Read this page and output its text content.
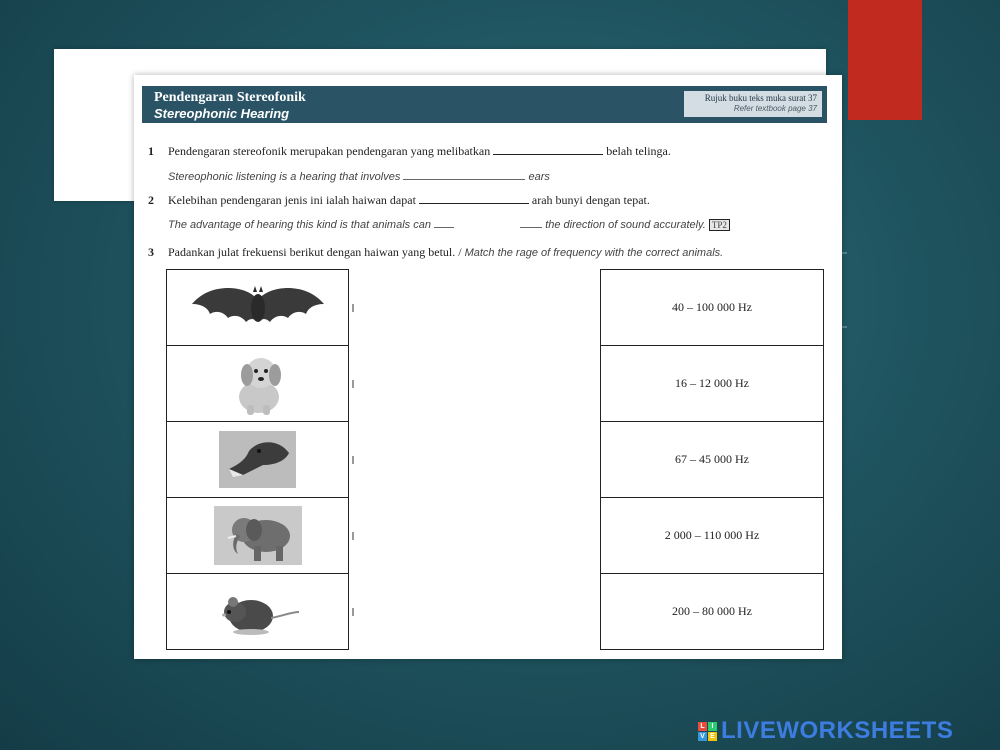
Pendengaran Stereofonik
Stereophonic Hearing
Rujuk buku teks muka surat 37
Refer textbook page 37
1 Pendengaran stereofonik merupakan pendengaran yang melibatkan	belah telinga.
Stereophonic listening is a hearing that involves	ears
2 Kelebihan pendengaran jenis ini ialah haiwan dapat	arah bunyi dengan tepat.
The advantage of hearing this kind is that animals can	the direction of sound accurately. TP2
3 Padankan julat frekuensi berikut dengan haiwan yang betul. / Match the rage of frequency with the correct animals.
40 – 100 000 Hz
16 – 12 000 Hz
67 – 45 000 Hz
2 000 – 110 000 Hz
200 – 80 000 Hz
L I
V E LIVEWORKSHEETS
